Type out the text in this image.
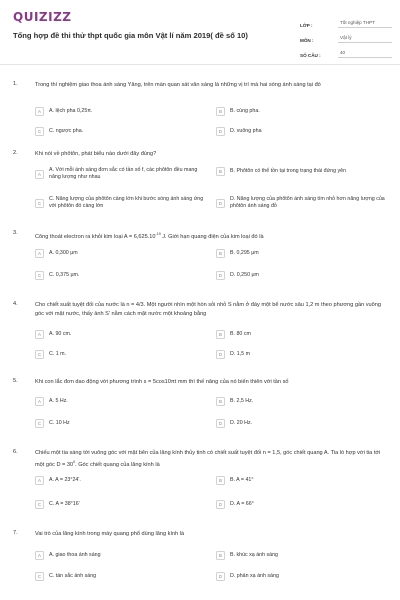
QUIZIZZ
Tổng hợp đề thi thử thpt quốc gia môn Vật lí năm 2019( đề số 10)
LỚP :
Tốt nghiệp THPT
MÔN :
Vật lý
SỐ CÂU :
40
1.	Trong thí nghiệm giao thoa ánh sáng Yâng, trên màn quan sát vân sáng là những vị trí mà hai sóng ánh sáng tại đó
A	A. lệch pha 0,25π.	B	B. cùng pha.
C	C. ngược pha.	D	D. vuông pha
2.	Khi nói về phôtôn, phát biểu nào dưới đây đúng?
A
A. Với mỗi ánh sáng đơn sắc có tần số f, các phôtôn đều mang năng lượng như nhau
B	B. Phôtôn có thể tồn tại trong trạng thái đứng yên
C
C. Năng lượng của phôtôn càng lớn khi bước sóng ánh sáng ứng với phôtôn đó càng lớn	D
D. Năng lượng của phôtôn ánh sáng tím nhỏ hơn năng lượng của phôtôn ánh sáng đỏ
3.
Công thoát electron ra khỏi kim loại $A = 6,625.10^{-19}$ J. Giới hạn quang điện của kim loại đó là
A	A. 0,300 μm	B	B. 0,295 μm
C	C. 0,375 μm.	D	D. 0,250 μm
4.	Cho chiết suất tuyệt đối của nước là n = 4/3. Một người nhìn một hòn sỏi nhỏ S nằm ở đáy một bể nước sâu 1,2 m theo phương gần vuông góc với mặt nước, thấy ảnh S' nằm cách mặt nước một khoảng bằng
A	A. 90 cm.	B	B. 80 cm
C	C. 1 m.	D	D. 1,5 m
5.	Khi con lắc đơn dao động với phương trình s = 5cos10πt mm thì thế năng của nó biến thiên với tần số
A	A. 5 Hz.	B	B. 2,5 Hz.
C	C. 10 Hz	D	D. 20 Hz.
6.	Chiếu một tia sáng tới vuông góc với mặt bên của lăng kính thủy tinh có chiết suất tuyệt đối n = 1,5, góc chiết quang A. Tia ló hợp với tia tới một góc $D = 30^0$. Góc chiết quang của lăng kính là
A	A. A = 23°24'.	B	B. A = 41°
C	C. A = 38°16'	D	D. A = 66°
7.	Vai trò của lăng kính trong máy quang phổ dùng lăng kính là
A	A. giao thoa ánh sáng	B	B. khúc xạ ánh sáng
C	C. tán sắc ánh sáng	D	D. phản xạ ánh sáng
